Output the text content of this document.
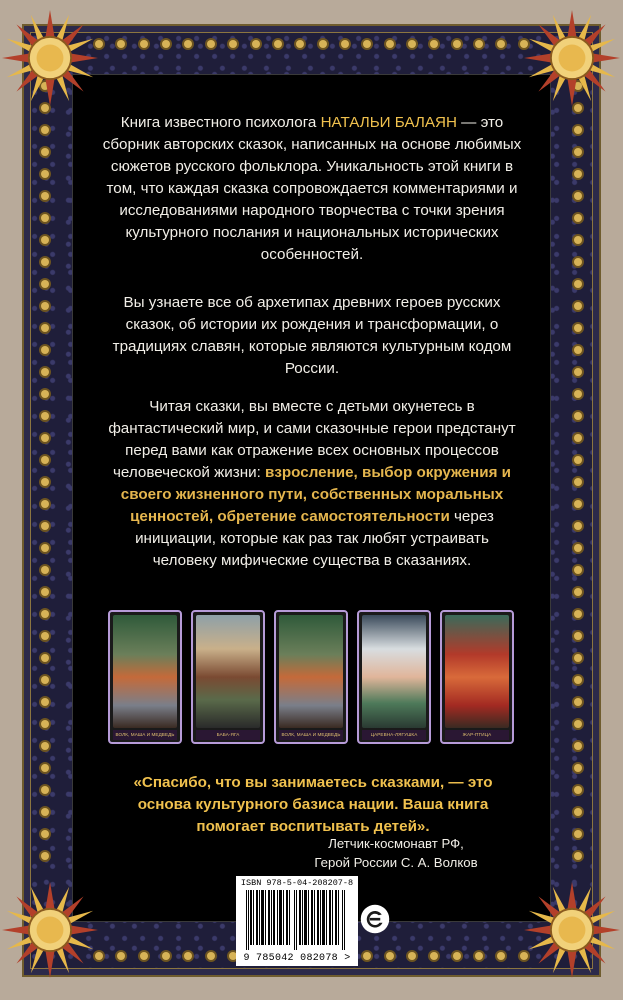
Книга известного психолога НАТАЛЬИ БАЛАЯН — это сборник авторских сказок, написанных на основе любимых сюжетов русского фольклора. Уникальность этой книги в том, что каждая сказка сопровождается комментариями и исследованиями народного творчества с точки зрения культурного послания и национальных исторических особенностей.
Вы узнаете все об архетипах древних героев русских сказок, об истории их рождения и трансформации, о традициях славян, которые являются культурным кодом России.
Читая сказки, вы вместе с детьми окунетесь в фантастический мир, и сами сказочные герои предстанут перед вами как отражение всех основных процессов человеческой жизни: взросление, выбор окружения и своего жизненного пути, собственных моральных ценностей, обретение самостоятельности через инициации, которые как раз так любят устраивать человеку мифические существа в сказаниях.
ВОЛК, МАША И МЕДВЕДЬ	БАБА-ЯГА	ВОЛК, МАША И МЕДВЕДЬ	ЦАРЕВНА-ЛЯГУШКА	ЖАР-ПТИЦА
«Спасибо, что вы занимаетесь сказками, — это основа культурного базиса нации. Ваша книга помогает воспитывать детей».
Летчик-космонавт РФ,
Герой России С. А. Волков
ISBN 978-5-04-208207-8
9 785042 082078 >
